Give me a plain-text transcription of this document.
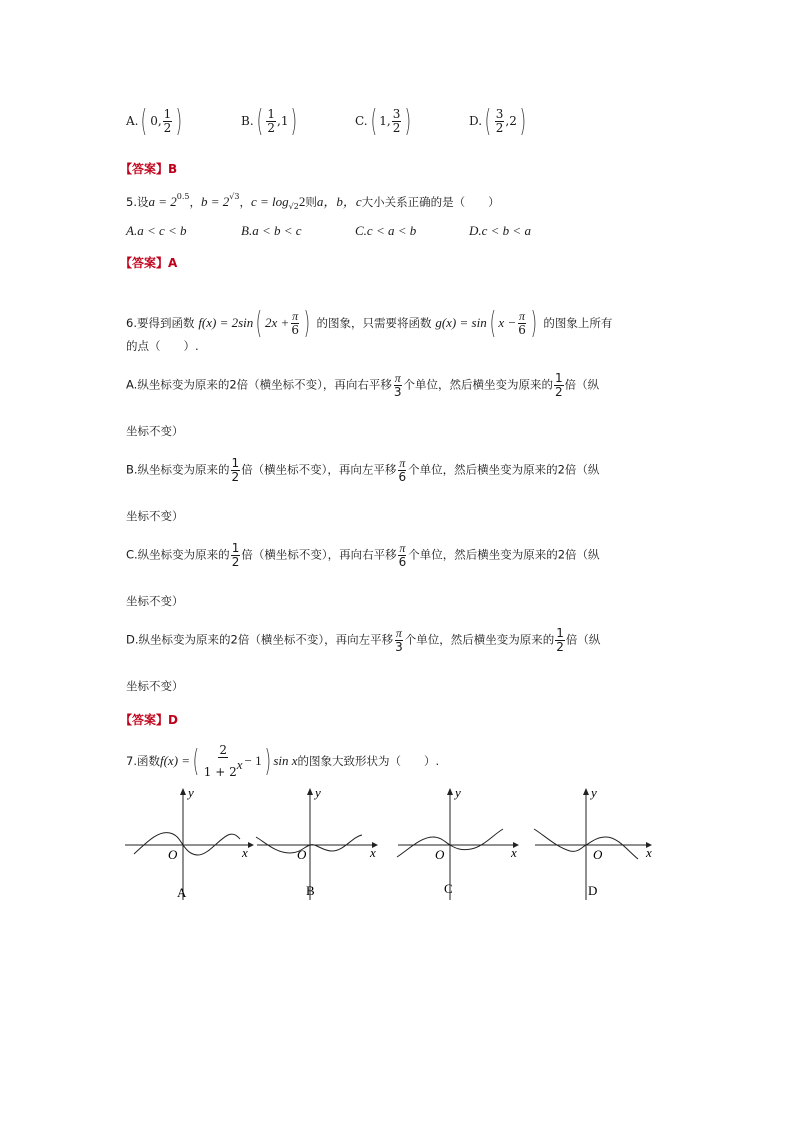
A.( 0, $\frac{1}{2}$ )	$B.( \frac{1}{2} ,1)$	C.( 1, $\frac{3}{2}$ )	$D.( \frac{3}{2} ,2)$
【答案】B
5.设$a = 2^{0.5}$，$b = 2^{√3}$，$c = \log_{√2}2$则a，b，c大小关系正确的是（　　）
A.a < c < b	B.a < b < c	C.c < a < b	D.c < b < a
【答案】A
6.要得到函数 f(x) = 2sin( $2x + \frac{\pi}{6}$ ) 的图象，只需要将函数 g(x) = sin( $x - \frac{\pi}{6}$ ) 的图象上所有
的点（　　）.
A.纵坐标变为原来的2倍（横坐标不变），再向右平移 $\frac{\pi}{3}$ 个单位，然后横坐变为原来的 $\frac{1}{2}$ 倍（纵
坐标不变）
B.纵坐标变为原来的 $\frac{1}{2}$ 倍（横坐标不变），再向左平移 $\frac{\pi}{6}$ 个单位，然后横坐变为原来的2倍（纵
坐标不变）
C.纵坐标变为原来的 $\frac{1}{2}$ 倍（横坐标不变），再向右平移 $\frac{\pi}{6}$ 个单位，然后横坐变为原来的2倍（纵
坐标不变）
D.纵坐标变为原来的2倍（横坐标不变），再向左平移 $\frac{\pi}{3}$ 个单位，然后横坐变为原来的 $\frac{1}{2}$ 倍（纵
坐标不变）
【答案】D
7.函数f(x) =( $\frac{2}{1 + 2^x} - 1$) sin x的图象大致形状为（　　）.
y
x
O
A
y
x
O
B
y
x
O
C
y
x
O
D
